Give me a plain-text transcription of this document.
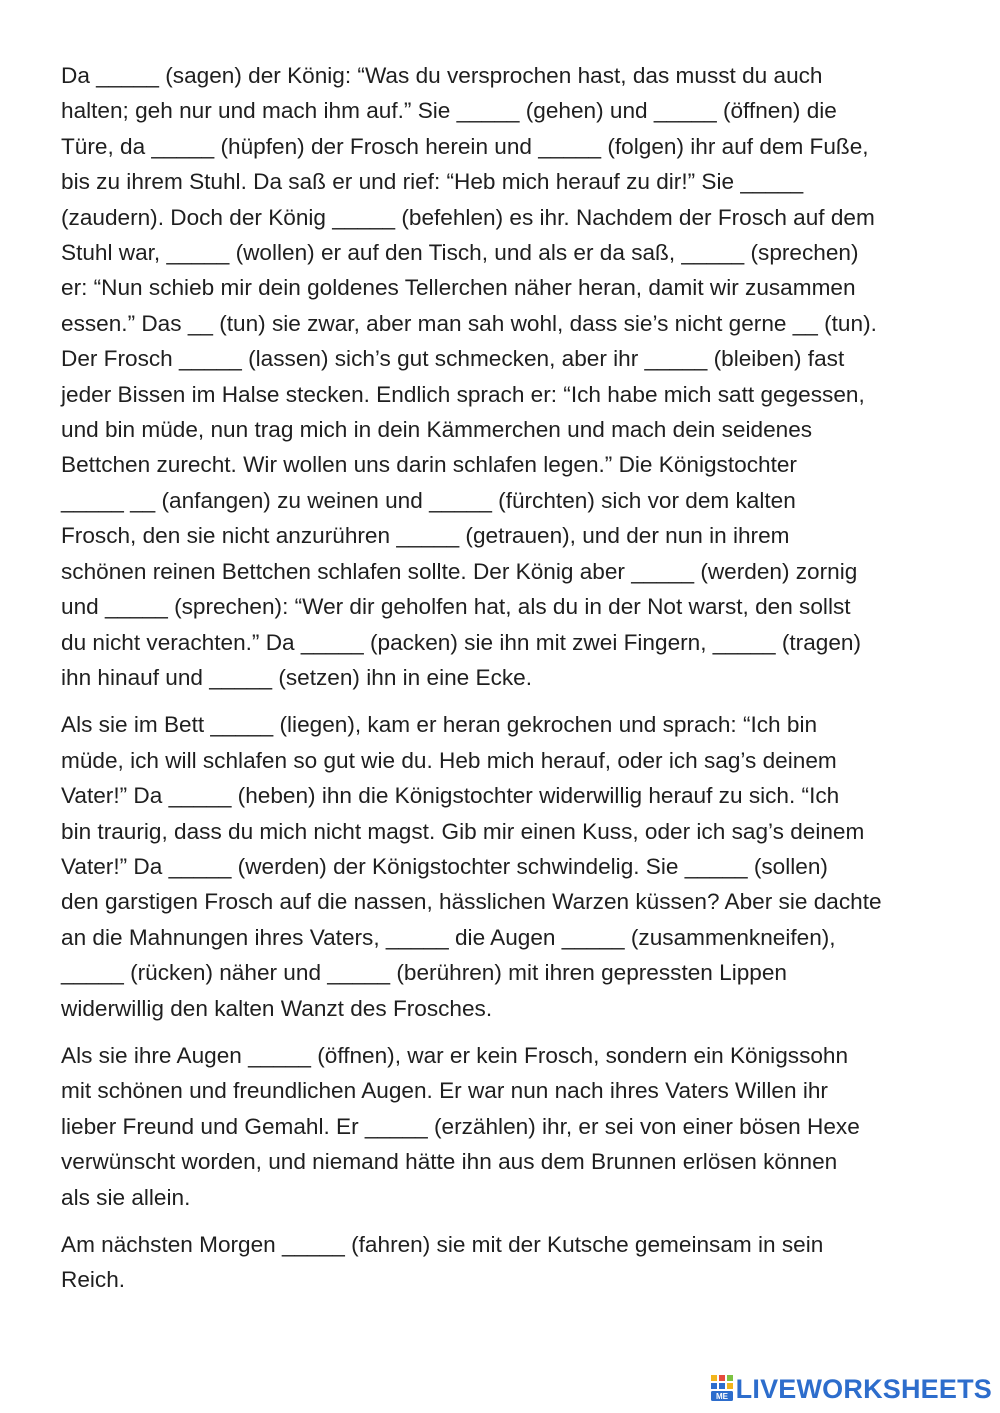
Da _____ (sagen) der König: “Was du versprochen hast, das musst du auch
halten; geh nur und mach ihm auf.” Sie _____ (gehen) und _____ (öffnen) die
Türe, da _____ (hüpfen) der Frosch herein und _____ (folgen) ihr auf dem Fuße,
bis zu ihrem Stuhl. Da saß er und rief: “Heb mich herauf zu dir!” Sie _____
(zaudern). Doch der König _____ (befehlen) es ihr. Nachdem der Frosch auf dem
Stuhl war, _____ (wollen) er auf den Tisch, und als er da saß, _____ (sprechen)
er: “Nun schieb mir dein goldenes Tellerchen näher heran, damit wir zusammen
essen.” Das __ (tun) sie zwar, aber man sah wohl, dass sie’s nicht gerne __ (tun).
Der Frosch _____ (lassen) sich’s gut schmecken, aber ihr _____ (bleiben) fast
jeder Bissen im Halse stecken. Endlich sprach er: “Ich habe mich satt gegessen,
und bin müde, nun trag mich in dein Kämmerchen und mach dein seidenes
Bettchen zurecht. Wir wollen uns darin schlafen legen.” Die Königstochter
_____ __ (anfangen) zu weinen und _____ (fürchten) sich vor dem kalten
Frosch, den sie nicht anzurühren _____ (getrauen), und der nun in ihrem
schönen reinen Bettchen schlafen sollte. Der König aber _____ (werden) zornig
und _____ (sprechen): “Wer dir geholfen hat, als du in der Not warst, den sollst
du nicht verachten.” Da _____ (packen) sie ihn mit zwei Fingern, _____ (tragen)
ihn hinauf und _____ (setzen) ihn in eine Ecke.

Als sie im Bett _____ (liegen), kam er heran gekrochen und sprach: “Ich bin
müde, ich will schlafen so gut wie du. Heb mich herauf, oder ich sag’s deinem
Vater!” Da _____ (heben) ihn die Königstochter widerwillig herauf zu sich. “Ich
bin traurig, dass du mich nicht magst. Gib mir einen Kuss, oder ich sag’s deinem
Vater!” Da _____ (werden) der Königstochter schwindelig. Sie _____ (sollen)
den garstigen Frosch auf die nassen, hässlichen Warzen küssen? Aber sie dachte
an die Mahnungen ihres Vaters, _____ die Augen _____ (zusammenkneifen),
_____ (rücken) näher und _____ (berühren) mit ihren gepressten Lippen
widerwillig den kalten Wanzt des Frosches.

Als sie ihre Augen _____ (öffnen), war er kein Frosch, sondern ein Königssohn
mit schönen und freundlichen Augen. Er war nun nach ihres Vaters Willen ihr
lieber Freund und Gemahl. Er _____ (erzählen) ihr, er sei von einer bösen Hexe
verwünscht worden, und niemand hätte ihn aus dem Brunnen erlösen können
als sie allein.

Am nächsten Morgen _____ (fahren) sie mit der Kutsche gemeinsam in sein
Reich.

ME LIVEWORKSHEETS
